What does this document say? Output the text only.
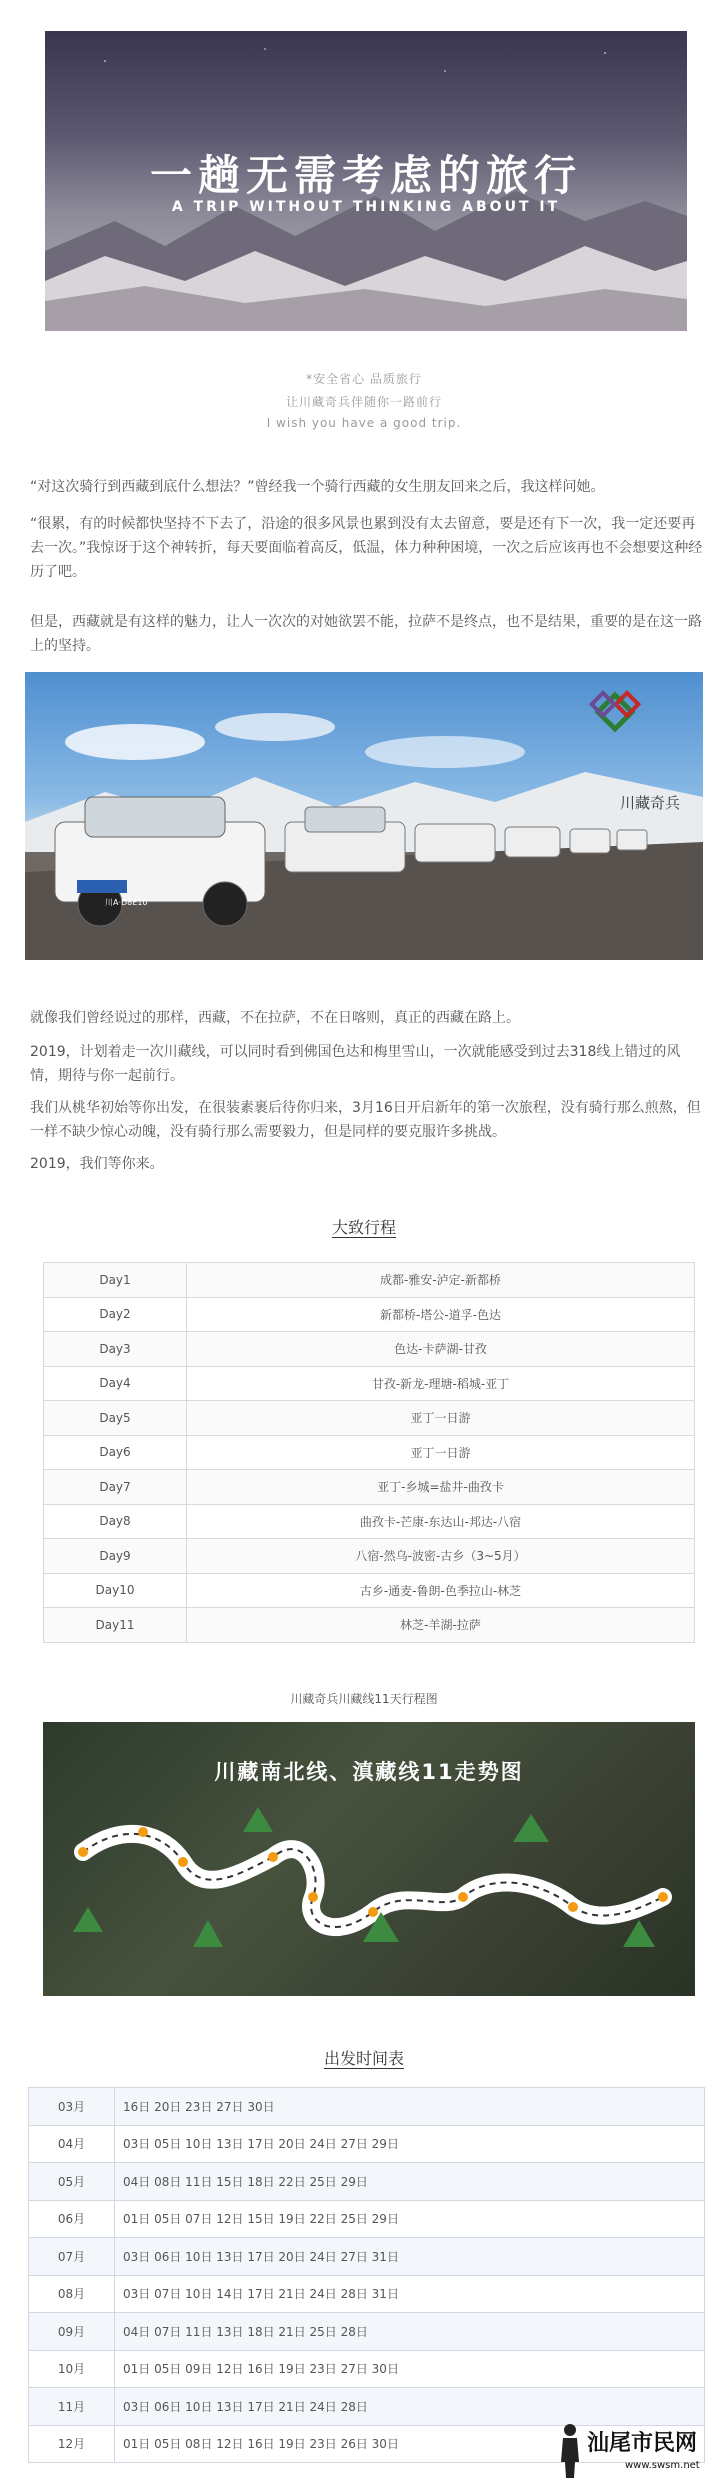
一趟无需考虑的旅行
A TRIP WITHOUT THINKING ABOUT IT
*安全省心 品质旅行
让川藏奇兵伴随你一路前行
I wish you have a good trip.
“对这次骑行到西藏到底什么想法？”曾经我一个骑行西藏的女生朋友回来之后，我这样问她。
“很累，有的时候都快坚持不下去了，沿途的很多风景也累到没有太去留意，要是还有下一次，我一定还要再去一次。”我惊讶于这个神转折，每天要面临着高反，低温，体力种种困境，一次之后应该再也不会想要这种经历了吧。
但是，西藏就是有这样的魅力，让人一次次的对她欲罢不能，拉萨不是终点，也不是结果，重要的是在这一路上的坚持。
川藏奇兵
川A·D8E10
就像我们曾经说过的那样，西藏，不在拉萨，不在日喀则，真正的西藏在路上。
2019，计划着走一次川藏线，可以同时看到佛国色达和梅里雪山，一次就能感受到过去318线上错过的风情，期待与你一起前行。
我们从桃华初始等你出发，在很装素裹后待你归来，3月16日开启新年的第一次旅程，没有骑行那么煎熬，但一样不缺少惊心动魄，没有骑行那么需要毅力，但是同样的要克服许多挑战。
2019，我们等你来。
大致行程
Day1	成都-雅安-泸定-新都桥
Day2	新都桥-塔公-道孚-色达
Day3	色达-卡萨湖-甘孜
Day4	甘孜-新龙-理塘-稻城-亚丁
Day5	亚丁一日游
Day6	亚丁一日游
Day7	亚丁-乡城=盐井-曲孜卡
Day8	曲孜卡-芒康-东达山-邦达-八宿
Day9	八宿-然乌-波密-古乡（3~5月）
Day10	古乡-通麦-鲁朗-色季拉山-林芝
Day11	林芝-羊湖-拉萨
川藏奇兵川藏线11天行程图
川藏南北线、滇藏线11走势图
出发时间表
03月	16日 20日 23日 27日 30日
04月	03日 05日 10日 13日 17日 20日 24日 27日 29日
05月	04日 08日 11日 15日 18日 22日 25日 29日
06月	01日 05日 07日 12日 15日 19日 22日 25日 29日
07月	03日 06日 10日 13日 17日 20日 24日 27日 31日
08月	03日 07日 10日 14日 17日 21日 24日 28日 31日
09月	04日 07日 11日 13日 18日 21日 25日 28日
10月	01日 05日 09日 12日 16日 19日 23日 27日 30日
11月	03日 06日 10日 13日 17日 21日 24日 28日
12月	01日 05日 08日 12日 16日 19日 23日 26日 30日	汕尾市民网
www.swsm.net
